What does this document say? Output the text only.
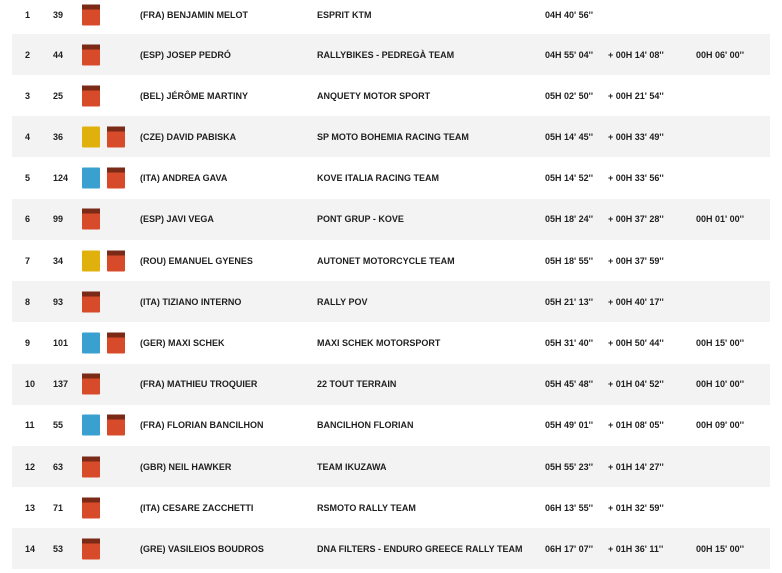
1	39	(FRA) BENJAMIN MELOT	ESPRIT KTM	04H 40' 56''
2	44	(ESP) JOSEP PEDRÓ	RALLYBIKES - PEDREGÀ TEAM	04H 55' 04'' + 00H 14' 08''	00H 06' 00''
3	25	(BEL) JÉRÔME MARTINY	ANQUETY MOTOR SPORT	05H 02' 50'' + 00H 21' 54''
4	36	(CZE) DAVID PABISKA	SP MOTO BOHEMIA RACING TEAM	05H 14' 45'' + 00H 33' 49''
5	124	(ITA) ANDREA GAVA	KOVE ITALIA RACING TEAM	05H 14' 52'' + 00H 33' 56''
6	99	(ESP) JAVI VEGA	PONT GRUP - KOVE	05H 18' 24'' + 00H 37' 28''	00H 01' 00''
7	34	(ROU) EMANUEL GYENES	AUTONET MOTORCYCLE TEAM	05H 18' 55'' + 00H 37' 59''
8	93	(ITA) TIZIANO INTERNO	RALLY POV	05H 21' 13'' + 00H 40' 17''
9	101	(GER) MAXI SCHEK	MAXI SCHEK MOTORSPORT	05H 31' 40'' + 00H 50' 44''	00H 15' 00''
10 137	(FRA) MATHIEU TROQUIER	22 TOUT TERRAIN	05H 45' 48'' + 01H 04' 52''	00H 10' 00''
11 55	(FRA) FLORIAN BANCILHON	BANCILHON FLORIAN	05H 49' 01'' + 01H 08' 05''	00H 09' 00''
12 63	(GBR) NEIL HAWKER	TEAM IKUZAWA	05H 55' 23'' + 01H 14' 27''
13 71	(ITA) CESARE ZACCHETTI	RSMOTO RALLY TEAM	06H 13' 55'' + 01H 32' 59''
14 53	(GRE) VASILEIOS BOUDROS	DNA FILTERS - ENDURO GREECE RALLY TEAM 06H 17' 07'' + 01H 36' 11''	00H 15' 00''
